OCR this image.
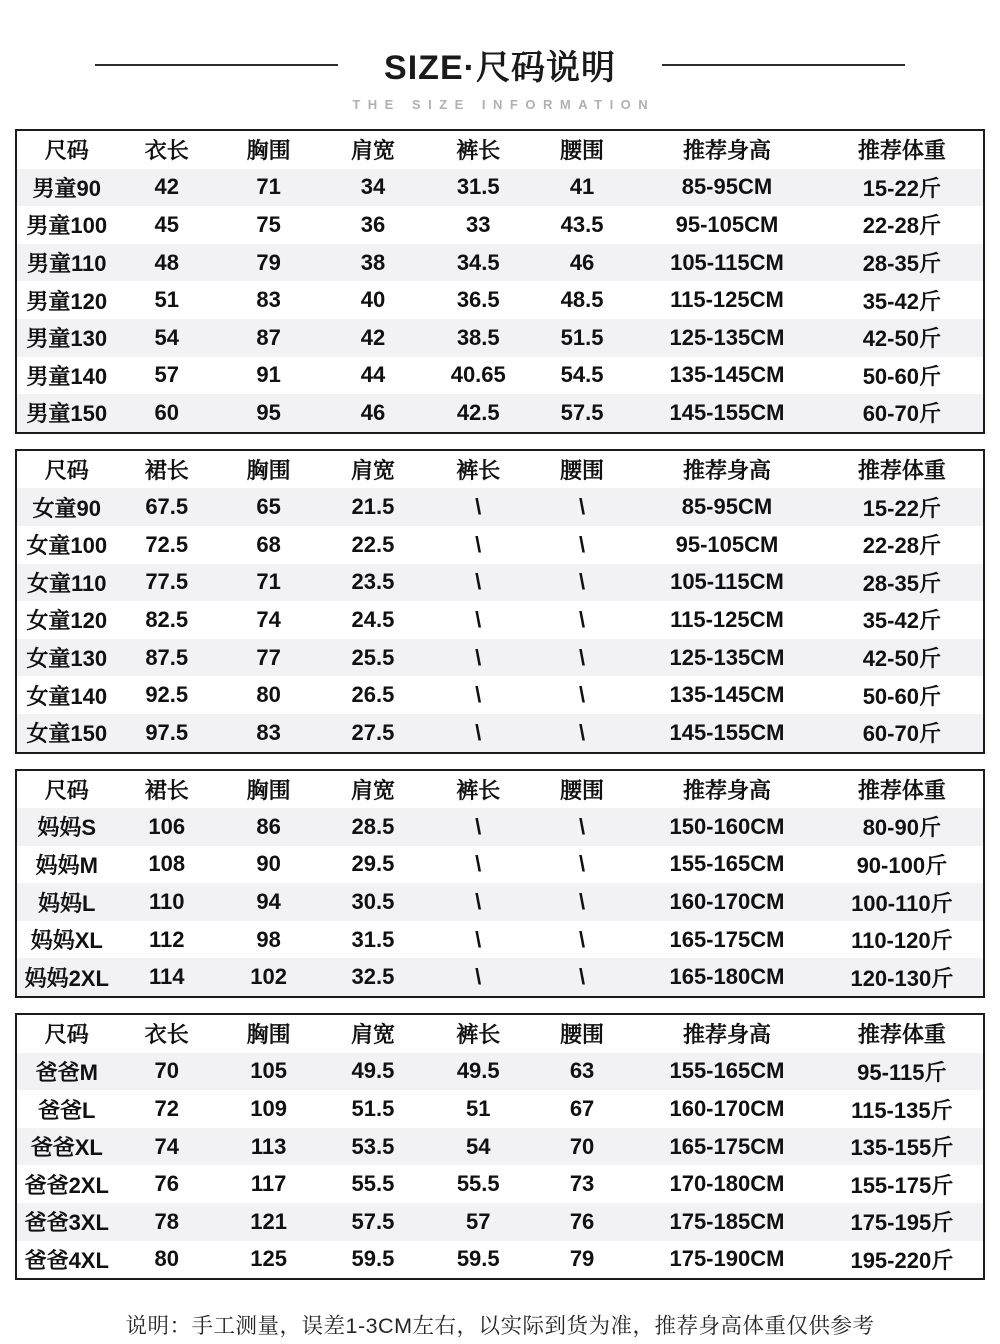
SIZE·尺码说明
THE SIZE INFORMATION
尺码	衣长	胸围	肩宽	裤长	腰围	推荐身高	推荐体重
男童90	42	71	34	31.5	41	85-95CM	15-22斤
男童100	45	75	36	33	43.5	95-105CM	22-28斤
男童110	48	79	38	34.5	46	105-115CM	28-35斤
男童120	51	83	40	36.5	48.5	115-125CM	35-42斤
男童130	54	87	42	38.5	51.5	125-135CM	42-50斤
男童140	57	91	44	40.65	54.5	135-145CM	50-60斤
男童150	60	95	46	42.5	57.5	145-155CM	60-70斤
尺码	裙长	胸围	肩宽	裤长	腰围	推荐身高	推荐体重
女童90	67.5	65	21.5	\	\	85-95CM	15-22斤
女童100	72.5	68	22.5	\	\	95-105CM	22-28斤
女童110	77.5	71	23.5	\	\	105-115CM	28-35斤
女童120	82.5	74	24.5	\	\	115-125CM	35-42斤
女童130	87.5	77	25.5	\	\	125-135CM	42-50斤
女童140	92.5	80	26.5	\	\	135-145CM	50-60斤
女童150	97.5	83	27.5	\	\	145-155CM	60-70斤
尺码	裙长	胸围	肩宽	裤长	腰围	推荐身高	推荐体重
妈妈S	106	86	28.5	\	\	150-160CM	80-90斤
妈妈M	108	90	29.5	\	\	155-165CM	90-100斤
妈妈L	110	94	30.5	\	\	160-170CM	100-110斤
妈妈XL	112	98	31.5	\	\	165-175CM	110-120斤
妈妈2XL	114	102	32.5	\	\	165-180CM	120-130斤
尺码	衣长	胸围	肩宽	裤长	腰围	推荐身高	推荐体重
爸爸M	70	105	49.5	49.5	63	155-165CM	95-115斤
爸爸L	72	109	51.5	51	67	160-170CM	115-135斤
爸爸XL	74	113	53.5	54	70	165-175CM	135-155斤
爸爸2XL	76	117	55.5	55.5	73	170-180CM	155-175斤
爸爸3XL	78	121	57.5	57	76	175-185CM	175-195斤
爸爸4XL	80	125	59.5	59.5	79	175-190CM	195-220斤

说明：手工测量，误差1-3CM左右，以实际到货为准，推荐身高体重仅供参考
